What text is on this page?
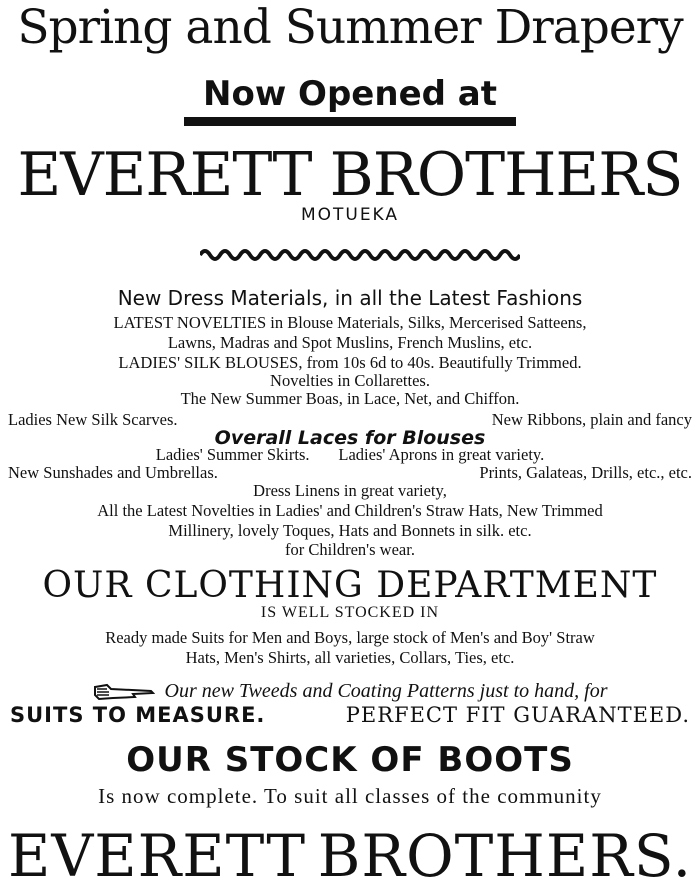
Spring and Summer Drapery
Now Opened at
EVERETT BROTHERS
MOTUEKA
New Dress Materials, in all the Latest Fashions
LATEST NOVELTIES in Blouse Materials, Silks, Mercerised Satteens,
Lawns, Madras and Spot Muslins, French Muslins, etc.
LADIES' SILK BLOUSES, from 10s 6d to 40s. Beautifully Trimmed.
Novelties in Collarettes.
The New Summer Boas, in Lace, Net, and Chiffon.
Ladies New Silk Scarves.	New Ribbons, plain and fancy
Overall Laces for Blouses
Ladies' Summer Skirts. Ladies' Aprons in great variety.
New Sunshades and Umbrellas.	Prints, Galateas, Drills, etc., etc.
Dress Linens in great variety,
All the Latest Novelties in Ladies' and Children's Straw Hats, New Trimmed
Millinery, lovely Toques, Hats and Bonnets in silk. etc.
for Children's wear.
OUR CLOTHING DEPARTMENT
IS WELL STOCKED IN
Ready made Suits for Men and Boys, large stock of Men's and Boy' Straw
Hats, Men's Shirts, all varieties, Collars, Ties, etc.
Our new Tweeds and Coating Patterns just to hand, for
SUITS TO MEASURE.	PERFECT FIT GUARANTEED.
OUR STOCK OF BOOTS
Is now complete. To suit all classes of the community
EVERETT BROTHERS.
